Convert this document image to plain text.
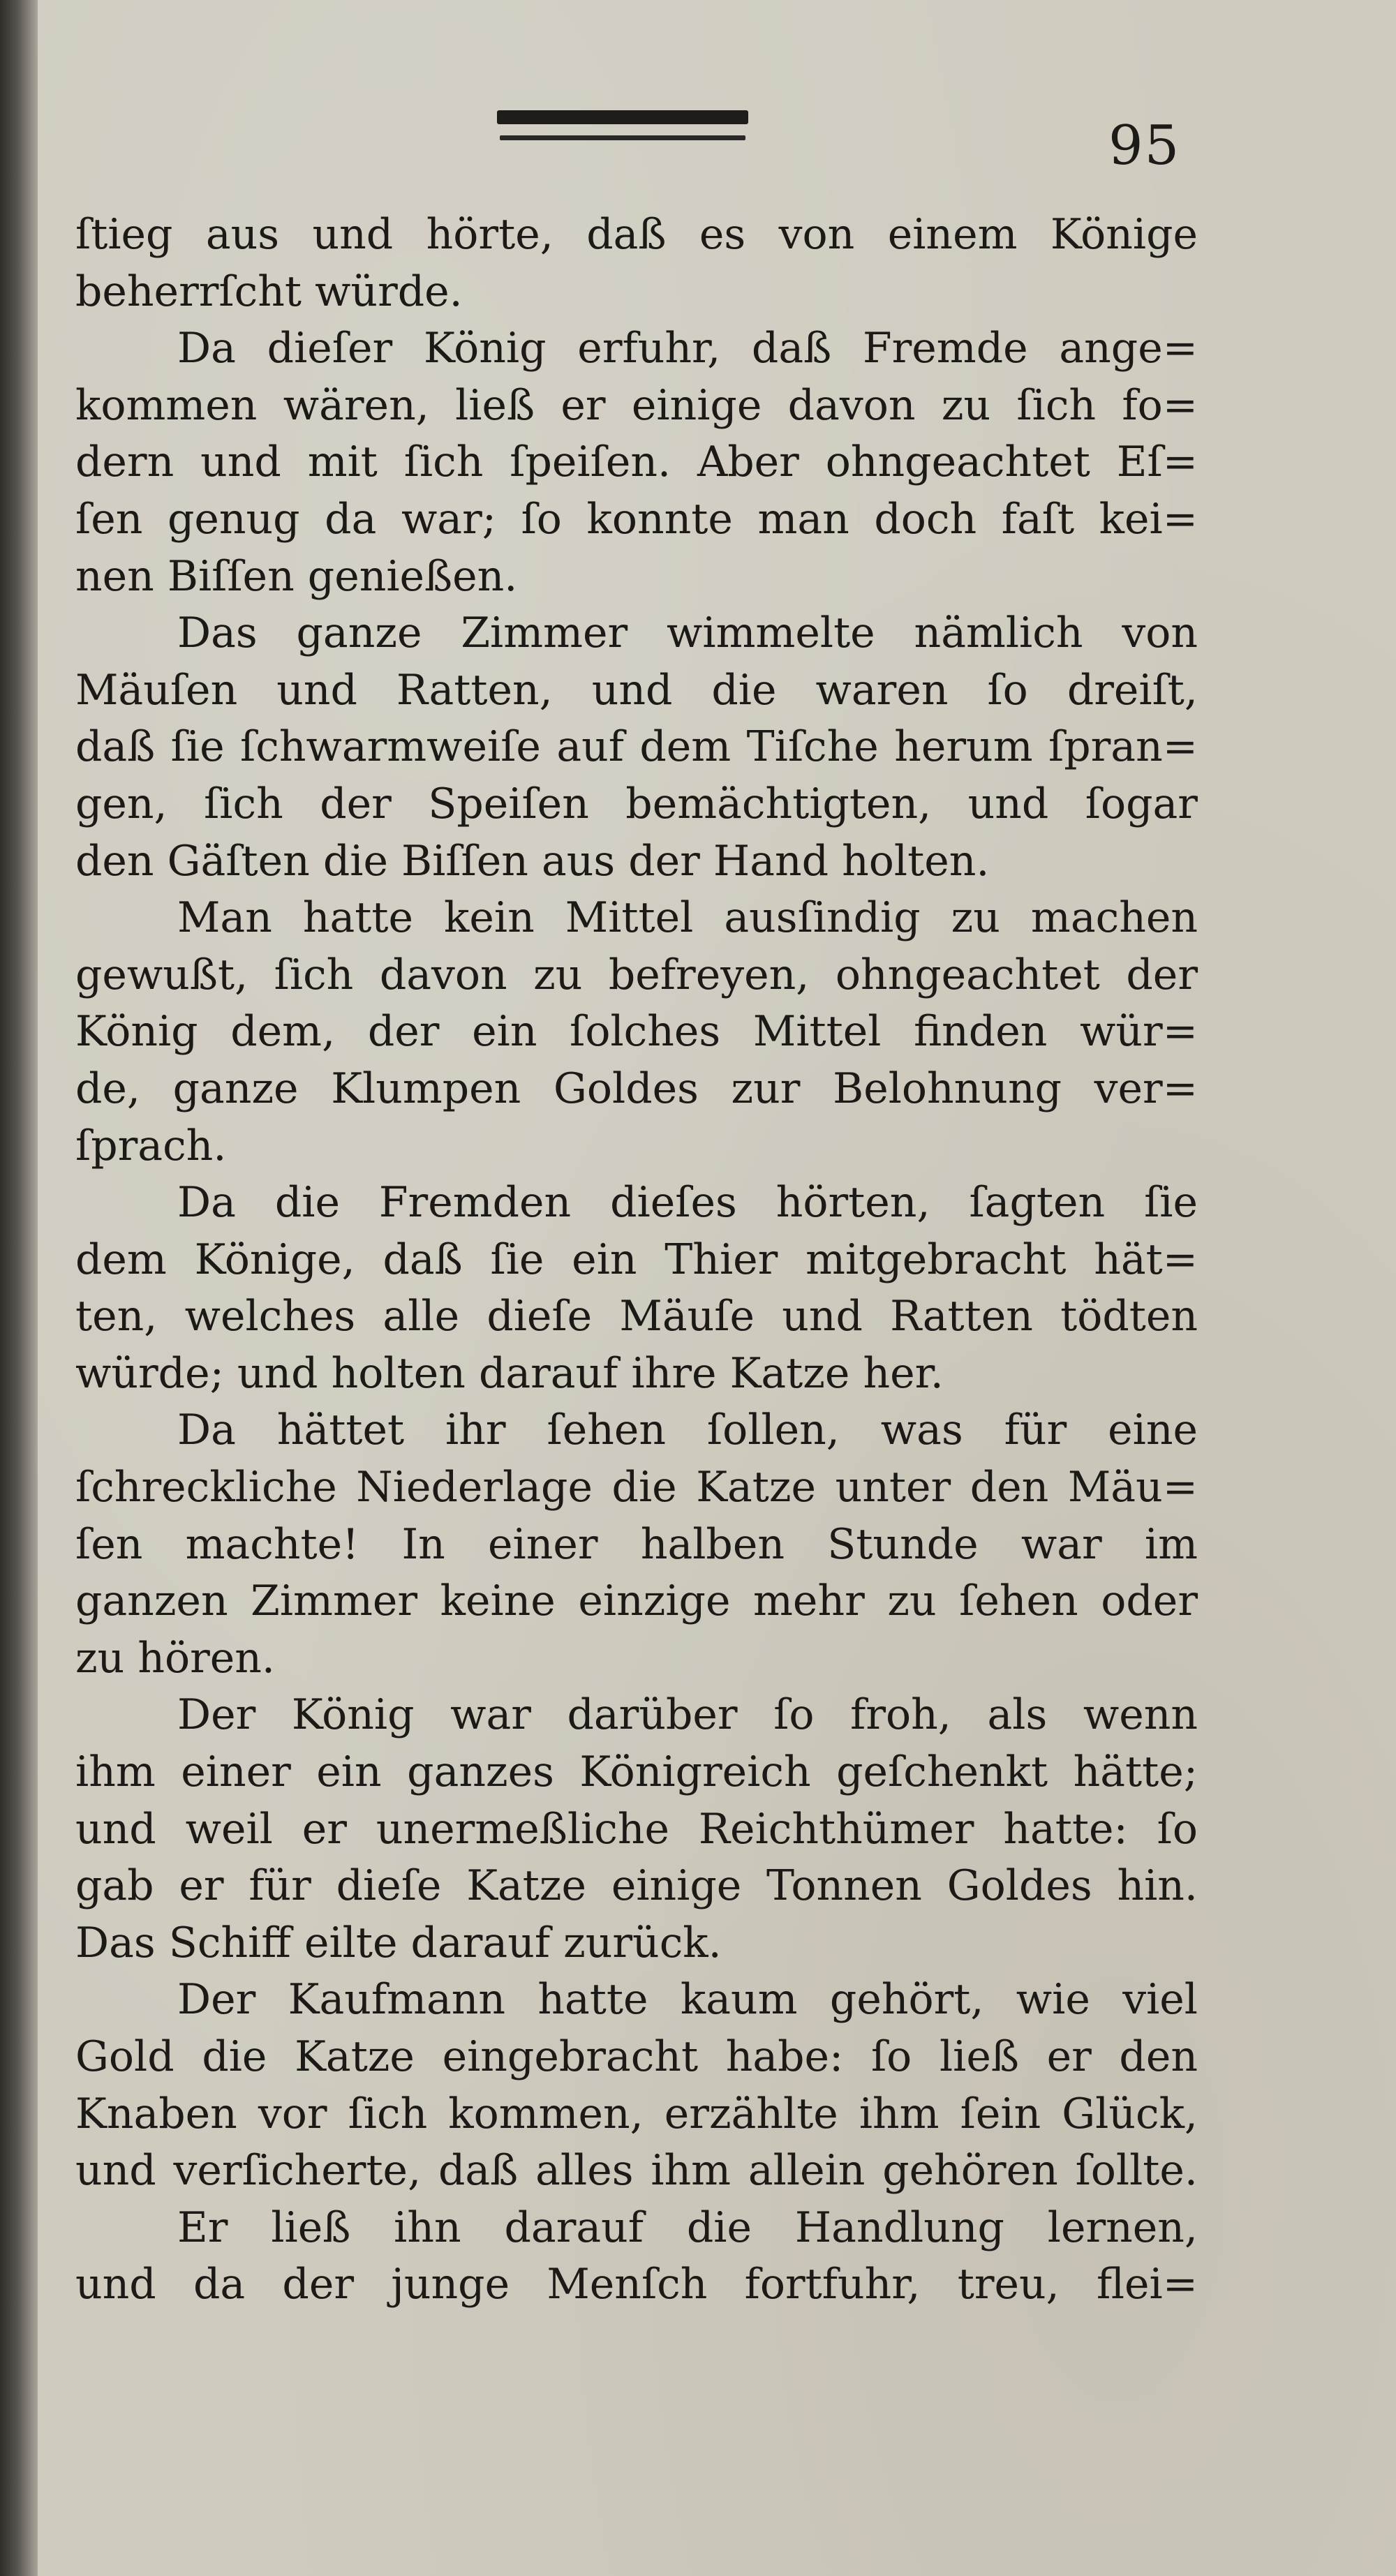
95
ſtieg aus und hörte, daß es von einem Könige
beherrſcht würde.
Da dieſer König erfuhr, daß Fremde ange=
kommen wären, ließ er einige davon zu ſich fo=
dern und mit ſich ſpeiſen. Aber ohngeachtet Eſ=
ſen genug da war; ſo konnte man doch faſt kei=
nen Biſſen genießen.
Das ganze Zimmer wimmelte nämlich von
Mäuſen und Ratten, und die waren ſo dreiſt,
daß ſie ſchwarmweiſe auf dem Tiſche herum ſpran=
gen, ſich der Speiſen bemächtigten, und ſogar
den Gäſten die Biſſen aus der Hand holten.
Man hatte kein Mittel ausſindig zu machen
gewußt, ſich davon zu befreyen, ohngeachtet der
König dem, der ein ſolches Mittel finden wür=
de, ganze Klumpen Goldes zur Belohnung ver=
ſprach.
Da die Fremden dieſes hörten, ſagten ſie
dem Könige, daß ſie ein Thier mitgebracht hät=
ten, welches alle dieſe Mäuſe und Ratten tödten
würde; und holten darauf ihre Katze her.
Da hättet ihr ſehen ſollen, was für eine
ſchreckliche Niederlage die Katze unter den Mäu=
ſen machte! In einer halben Stunde war im
ganzen Zimmer keine einzige mehr zu ſehen oder
zu hören.
Der König war darüber ſo froh, als wenn
ihm einer ein ganzes Königreich geſchenkt hätte;
und weil er unermeßliche Reichthümer hatte: ſo
gab er für dieſe Katze einige Tonnen Goldes hin.
Das Schiff eilte darauf zurück.
Der Kaufmann hatte kaum gehört, wie viel
Gold die Katze eingebracht habe: ſo ließ er den
Knaben vor ſich kommen, erzählte ihm ſein Glück,
und verſicherte, daß alles ihm allein gehören ſollte.
Er ließ ihn darauf die Handlung lernen,
und da der junge Menſch fortfuhr, treu, flei=
